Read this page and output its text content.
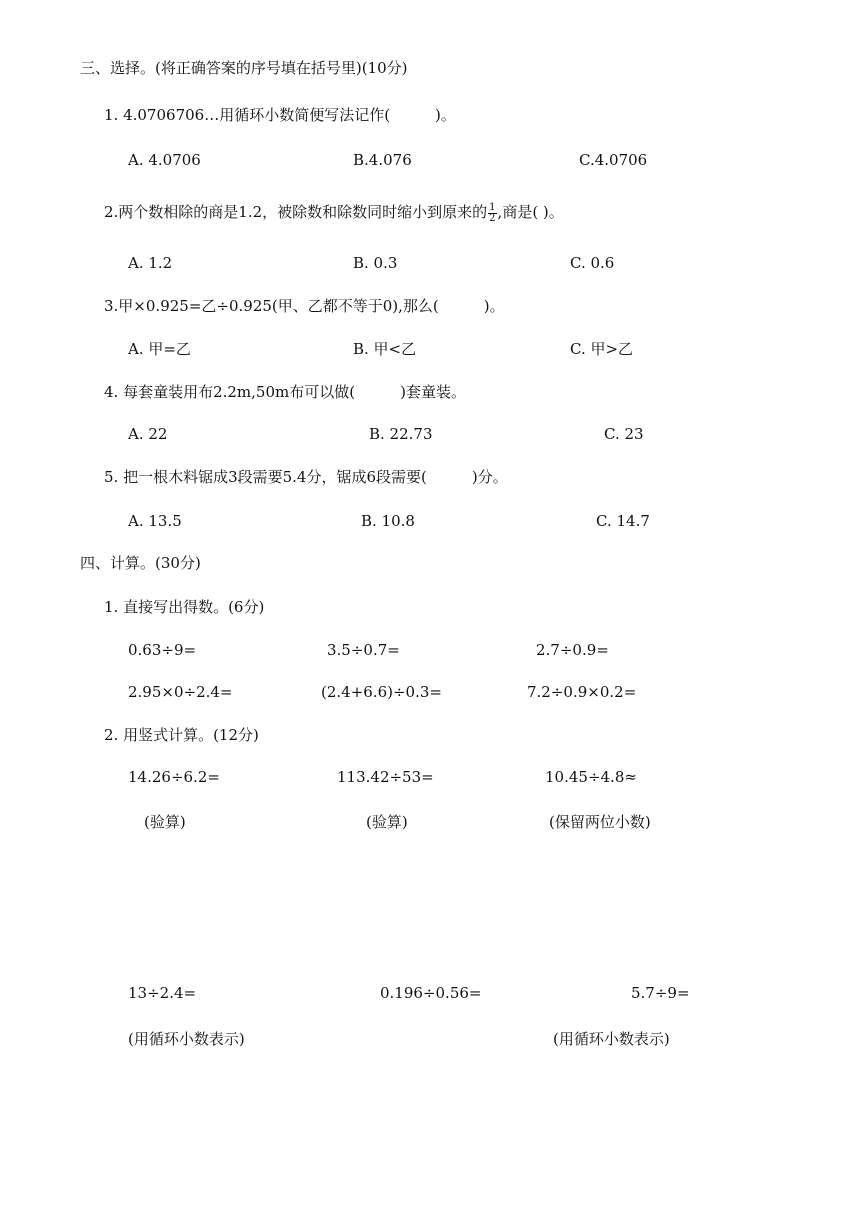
三、选择。(将正确答案的序号填在括号里)(10分)
1. 4.0706706…用循环小数简便写法记作(　　　)。
A. 4.0706	B.4.076	C.4.0706
2.两个数相除的商是1.2，被除数和除数同时缩小到原来的 $\frac{1}{2}$ ,商是( )。
A. 1.2	B. 0.3	C. 0.6
3.甲×0.925=乙÷0.925(甲、乙都不等于0),那么(　　　)。
A. 甲=乙	B. 甲<乙	C. 甲>乙
4. 每套童装用布2.2m,50m布可以做(　　　)套童装。
A. 22	B. 22.73	C. 23
5. 把一根木料锯成3段需要5.4分，锯成6段需要(　　　)分。
A. 13.5	B. 10.8	C. 14.7
四、计算。(30分)
1. 直接写出得数。(6分)
0.63÷9=	3.5÷0.7=	2.7÷0.9=
2.95×0÷2.4=	(2.4+6.6)÷0.3=	7.2÷0.9×0.2=
2. 用竖式计算。(12分)
14.26÷6.2=	113.42÷53=	10.45÷4.8≈
(验算)	(验算)	(保留两位小数)
13÷2.4=	0.196÷0.56=	5.7÷9=
(用循环小数表示)	(用循环小数表示)
